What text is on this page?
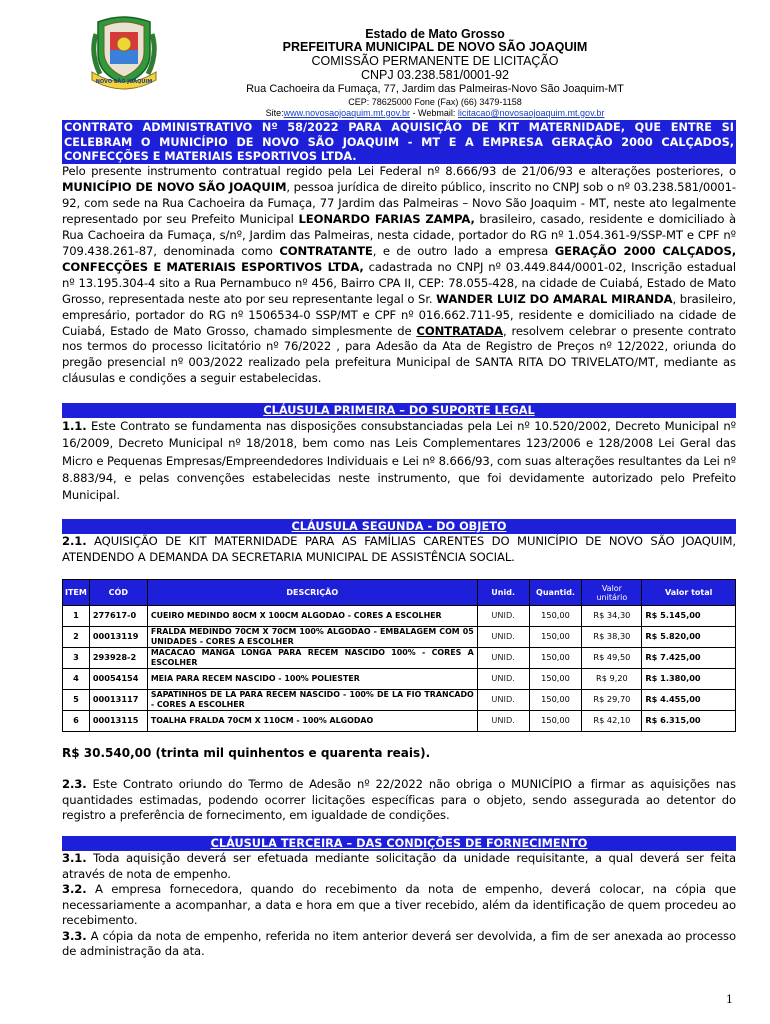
NOVO SÃO JOAQUIM
Estado de Mato Grosso
PREFEITURA MUNICIPAL DE NOVO SÃO JOAQUIM
COMISSÃO PERMANENTE DE LICITAÇÃO
CNPJ 03.238.581/0001-92
Rua Cachoeira da Fumaça, 77, Jardim das Palmeiras-Novo São Joaquim-MT
CEP: 78625000 Fone (Fax) (66) 3479-1158
Site:www.novosaojoaquim.mt.gov.br - Webmail: licitacao@novosaojoaquim.mt.gov.br
CONTRATO ADMINISTRATIVO Nº 58/2022 PARA AQUISIÇÃO DE KIT MATERNIDADE, QUE ENTRE SI CELEBRAM O MUNICÍPIO DE NOVO SÃO JOAQUIM - MT E A EMPRESA GERAÇÃO 2000 CALÇADOS, CONFECÇÕES E MATERIAIS ESPORTIVOS LTDA.
Pelo presente instrumento contratual regido pela Lei Federal nº 8.666/93 de 21/06/93 e alterações posteriores, o MUNICÍPIO DE NOVO SÃO JOAQUIM, pessoa jurídica de direito público, inscrito no CNPJ sob o nº 03.238.581/0001-92, com sede na Rua Cachoeira da Fumaça, 77 Jardim das Palmeiras – Novo São Joaquim - MT, neste ato legalmente representado por seu Prefeito Municipal LEONARDO FARIAS ZAMPA, brasileiro, casado, residente e domiciliado à Rua Cachoeira da Fumaça, s/nº, Jardim das Palmeiras, nesta cidade, portador do RG nº 1.054.361-9/SSP-MT e CPF nº 709.438.261-87, denominada como CONTRATANTE, e de outro lado a empresa GERAÇÃO 2000 CALÇADOS, CONFECÇÕES E MATERIAIS ESPORTIVOS LTDA, cadastrada no CNPJ nº 03.449.844/0001-02, Inscrição estadual nº 13.195.304-4 sito a Rua Pernambuco nº 456, Bairro CPA II, CEP: 78.055-428, na cidade de Cuiabá, Estado de Mato Grosso, representada neste ato por seu representante legal o Sr. WANDER LUIZ DO AMARAL MIRANDA, brasileiro, empresário, portador do RG nº 1506534-0 SSP/MT e CPF nº 016.662.711-95, residente e domiciliado na cidade de Cuiabá, Estado de Mato Grosso, chamado simplesmente de CONTRATADA, resolvem celebrar o presente contrato nos termos do processo licitatório nº 76/2022 , para Adesão da Ata de Registro de Preços nº 12/2022, oriunda do pregão presencial nº 003/2022 realizado pela prefeitura Municipal de SANTA RITA DO TRIVELATO/MT, mediante as cláusulas e condições a seguir estabelecidas.
CLÁUSULA PRIMEIRA – DO SUPORTE LEGAL
1.1. Este Contrato se fundamenta nas disposições consubstanciadas pela Lei nº 10.520/2002, Decreto Municipal nº 16/2009, Decreto Municipal nº 18/2018, bem como nas Leis Complementares 123/2006 e 128/2008 Lei Geral das Micro e Pequenas Empresas/Empreendedores Individuais e Lei nº 8.666/93, com suas alterações resultantes da Lei nº 8.883/94, e pelas convenções estabelecidas neste instrumento, que foi devidamente autorizado pelo Prefeito Municipal.
CLÁUSULA SEGUNDA - DO OBJETO
2.1. AQUISIÇÃO DE KIT MATERNIDADE PARA AS FAMÍLIAS CARENTES DO MUNICÍPIO DE NOVO SÃO JOAQUIM, ATENDENDO A DEMANDA DA SECRETARIA MUNICIPAL DE ASSISTÊNCIA SOCIAL.
ITEM	CÓD	DESCRIÇÃO	Unid.	Quantid.	Valor unitário	Valor total
1	277617-0	CUEIRO MEDINDO 80CM X 100CM ALGODAO - CORES A ESCOLHER	UNID.	150,00	R$ 34,30	R$ 5.145,00
2	00013119	FRALDA MEDINDO 70CM X 70CM 100% ALGODAO - EMBALAGEM COM 05 UNIDADES - CORES A ESCOLHER	UNID.	150,00	R$ 38,30	R$ 5.820,00
3	293928-2	MACACAO MANGA LONGA PARA RECEM NASCIDO 100% - CORES A ESCOLHER	UNID.	150,00	R$ 49,50	R$ 7.425,00
4	00054154	MEIA PARA RECEM NASCIDO - 100% POLIESTER	UNID.	150,00	R$ 9,20	R$ 1.380,00
5	00013117	SAPATINHOS DE LA PARA RECEM NASCIDO - 100% DE LA FIO TRANCADO - CORES A ESCOLHER	UNID.	150,00	R$ 29,70	R$ 4.455,00
6	00013115	TOALHA FRALDA 70CM X 110CM - 100% ALGODAO	UNID.	150,00	R$ 42,10	R$ 6.315,00
R$ 30.540,00 (trinta mil quinhentos e quarenta reais).
2.3. Este Contrato oriundo do Termo de Adesão nº 22/2022 não obriga o MUNICÍPIO a firmar as aquisições nas quantidades estimadas, podendo ocorrer licitações específicas para o objeto, sendo assegurada ao detentor do registro a preferência de fornecimento, em igualdade de condições.
CLÁUSULA TERCEIRA – DAS CONDIÇÕES DE FORNECIMENTO
3.1. Toda aquisição deverá ser efetuada mediante solicitação da unidade requisitante, a qual deverá ser feita através de nota de empenho.
3.2. A empresa fornecedora, quando do recebimento da nota de empenho, deverá colocar, na cópia que necessariamente a acompanhar, a data e hora em que a tiver recebido, além da identificação de quem procedeu ao recebimento.
3.3. A cópia da nota de empenho, referida no item anterior deverá ser devolvida, a fim de ser anexada ao processo de administração da ata.
1
